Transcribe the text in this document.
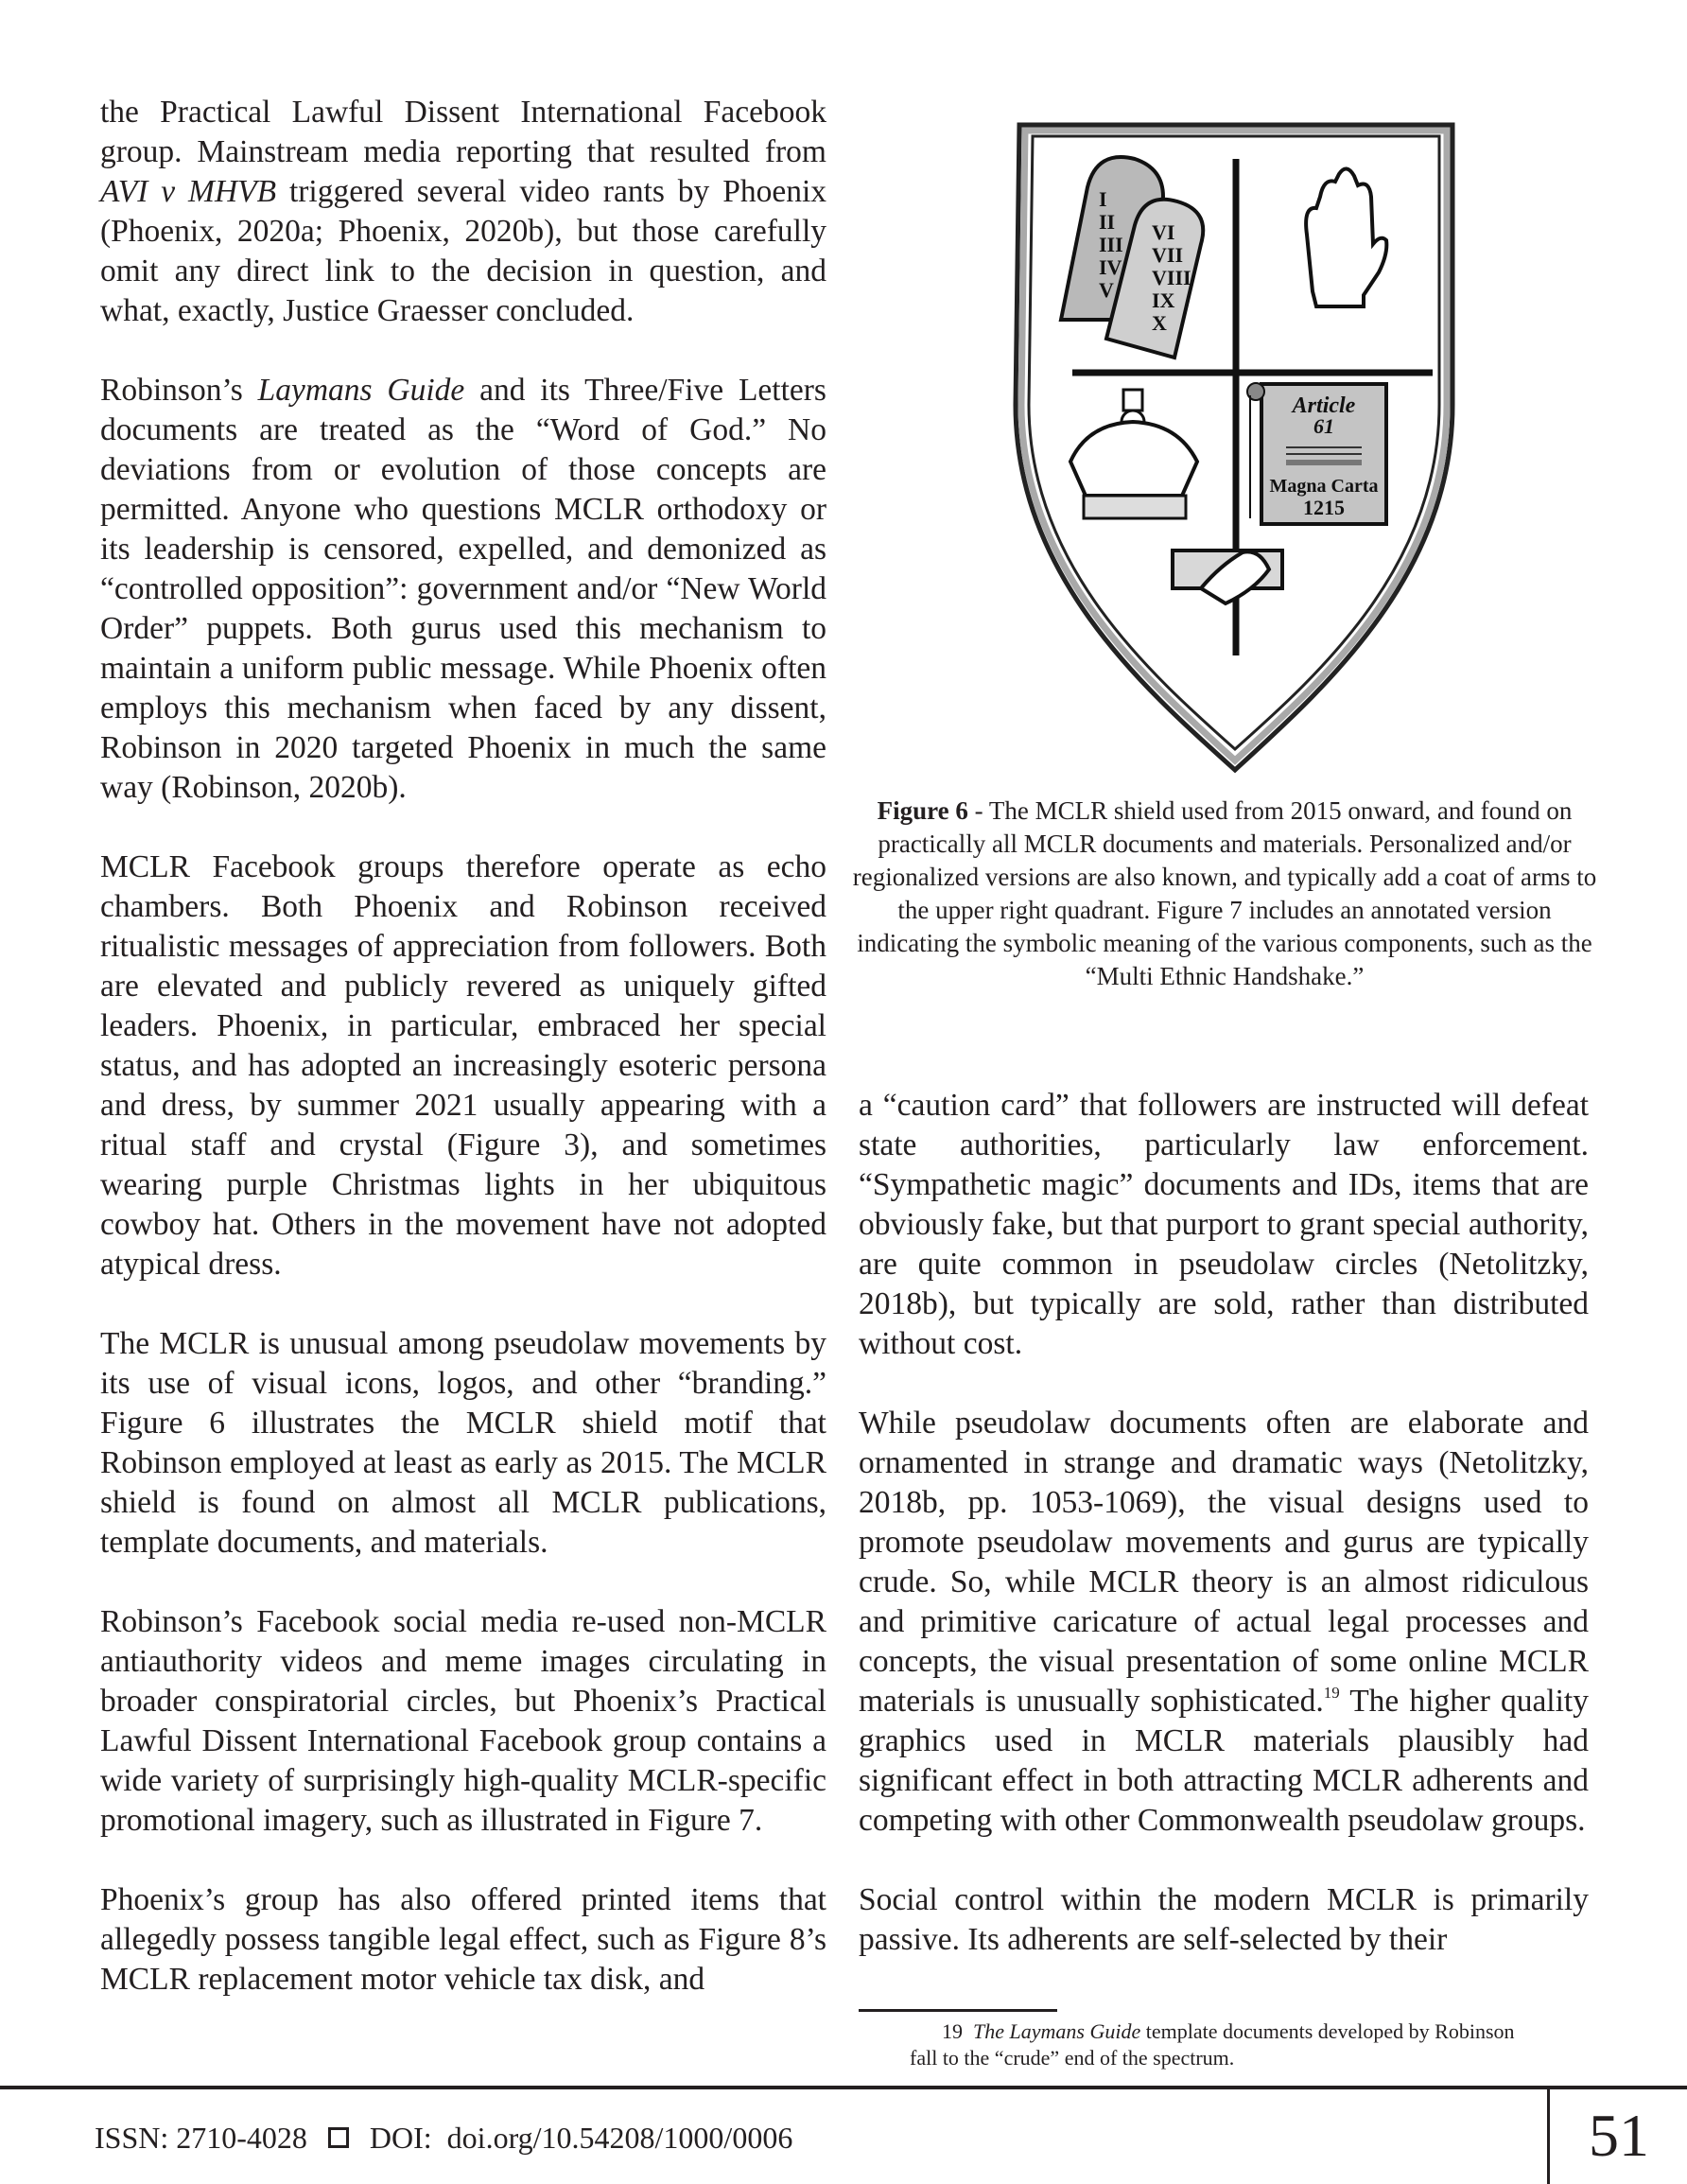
the Practical Lawful Dissent International Facebook group. Mainstream media reporting that resulted from AVI v MHVB triggered several video rants by Phoenix (Phoenix, 2020a; Phoenix, 2020b), but those carefully omit any direct link to the decision in question, and what, exactly, Justice Graesser concluded.

Robinson’s Laymans Guide and its Three/Five Letters documents are treated as the “Word of God.” No deviations from or evolution of those concepts are permitted. Anyone who questions MCLR orthodoxy or its leadership is censored, expelled, and demonized as “controlled opposition”: government and/or “New World Order” puppets. Both gurus used this mechanism to maintain a uniform public message. While Phoenix often employs this mechanism when faced by any dissent, Robinson in 2020 targeted Phoenix in much the same way (Robinson, 2020b).

MCLR Facebook groups therefore operate as echo chambers. Both Phoenix and Robinson received ritualistic messages of appreciation from followers. Both are elevated and publicly revered as uniquely gifted leaders. Phoenix, in particular, embraced her special status, and has adopted an increasingly esoteric persona and dress, by summer 2021 usually appearing with a ritual staff and crystal (Figure 3), and sometimes wearing purple Christmas lights in her ubiquitous cowboy hat. Others in the movement have not adopted atypical dress.

The MCLR is unusual among pseudolaw movements by its use of visual icons, logos, and other “branding.” Figure 6 illustrates the MCLR shield motif that Robinson employed at least as early as 2015. The MCLR shield is found on almost all MCLR publications, template documents, and materials.

Robinson’s Facebook social media re-used non-MCLR antiauthority videos and meme images circulating in broader conspiratorial circles, but Phoenix’s Practical Lawful Dissent International Facebook group contains a wide variety of surprisingly high-quality MCLR-specific promotional imagery, such as illustrated in Figure 7.

Phoenix’s group has also offered printed items that allegedly possess tangible legal effect, such as Figure 8’s MCLR replacement motor vehicle tax disk, and

I II III IV V
VI VII VIII IX X
Article
61
Magna Carta
1215
Figure 6 - The MCLR shield used from 2015 onward, and found on practically all MCLR documents and materials. Personalized and/or regionalized versions are also known, and typically add a coat of arms to the upper right quadrant. Figure 7 includes an annotated version indicating the symbolic meaning of the various components, such as the “Multi Ethnic Handshake.”

a “caution card” that followers are instructed will defeat state authorities, particularly law enforcement. “Sympathetic magic” documents and IDs, items that are obviously fake, but that purport to grant special authority, are quite common in pseudolaw circles (Netolitzky, 2018b), but typically are sold, rather than distributed without cost.

While pseudolaw documents often are elaborate and ornamented in strange and dramatic ways (Netolitzky, 2018b, pp. 1053-1069), the visual designs used to promote pseudolaw movements and gurus are typically crude. So, while MCLR theory is an almost ridiculous and primitive caricature of actual legal processes and concepts, the visual presentation of some online MCLR materials is unusually sophisticated.$^{19}$ The higher quality graphics used in MCLR materials plausibly had significant effect in both attracting MCLR adherents and competing with other Commonwealth pseudolaw groups.

Social control within the modern MCLR is primarily passive. Its adherents are self-selected by their

19 The Laymans Guide template documents developed by Robinson
fall to the “crude” end of the spectrum.
ISSN: 2710-4028 DOI:  doi.org/10.54208/1000/0006	51
